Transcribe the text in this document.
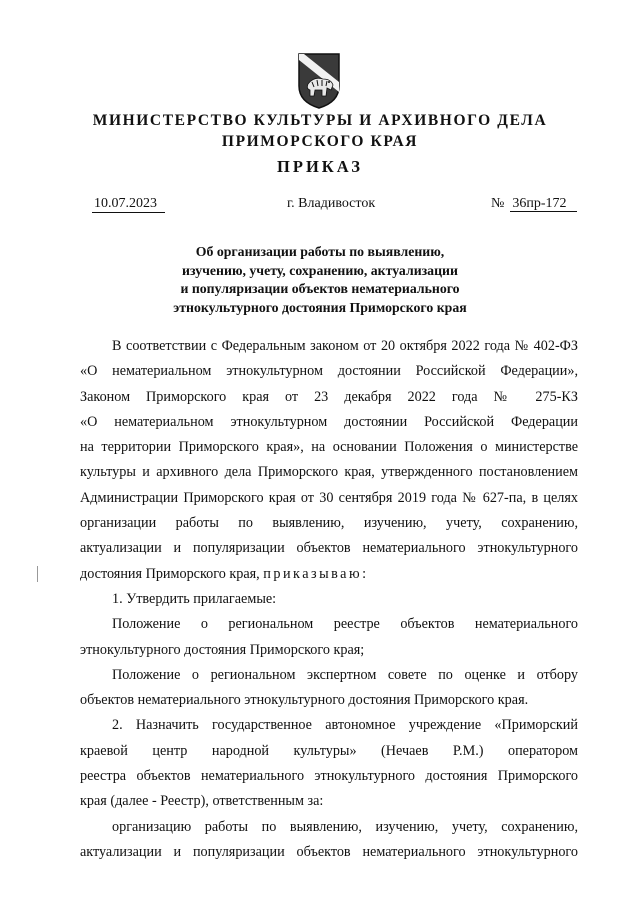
МИНИСТЕРСТВО КУЛЬТУРЫ И АРХИВНОГО ДЕЛА
ПРИМОРСКОГО КРАЯ
ПРИКАЗ
10.07.2023	г. Владивосток	№ 36пр-172
Об организации работы по выявлению,
изучению, учету, сохранению, актуализации
и популяризации объектов нематериального
этнокультурного достояния Приморского края

В соответствии с Федеральным законом от 20 октября 2022 года № 402-ФЗ

«О нематериальном этнокультурном достоянии Российской Федерации»,

Законом Приморского края от 23 декабря 2022 года № 275-КЗ

«О нематериальном этнокультурном достоянии Российской Федерации

на территории Приморского края», на основании Положения о министерстве

культуры и архивного дела Приморского края, утвержденного постановлением

Администрации Приморского края от 30 сентября 2019 года № 627-па, в целях

организации работы по выявлению, изучению, учету, сохранению,

актуализации и популяризации объектов нематериального этнокультурного

достояния Приморского края, приказываю:

1. Утвердить прилагаемые:

Положение о региональном реестре объектов нематериального

этнокультурного достояния Приморского края;

Положение о региональном экспертном совете по оценке и отбору

объектов нематериального этнокультурного достояния Приморского края.

2. Назначить государственное автономное учреждение «Приморский

краевой центр народной культуры» (Нечаев Р.М.) оператором

реестра объектов нематериального этнокультурного достояния Приморского

края (далее - Реестр), ответственным за:

организацию работы по выявлению, изучению, учету, сохранению,

актуализации и популяризации объектов нематериального этнокультурного
